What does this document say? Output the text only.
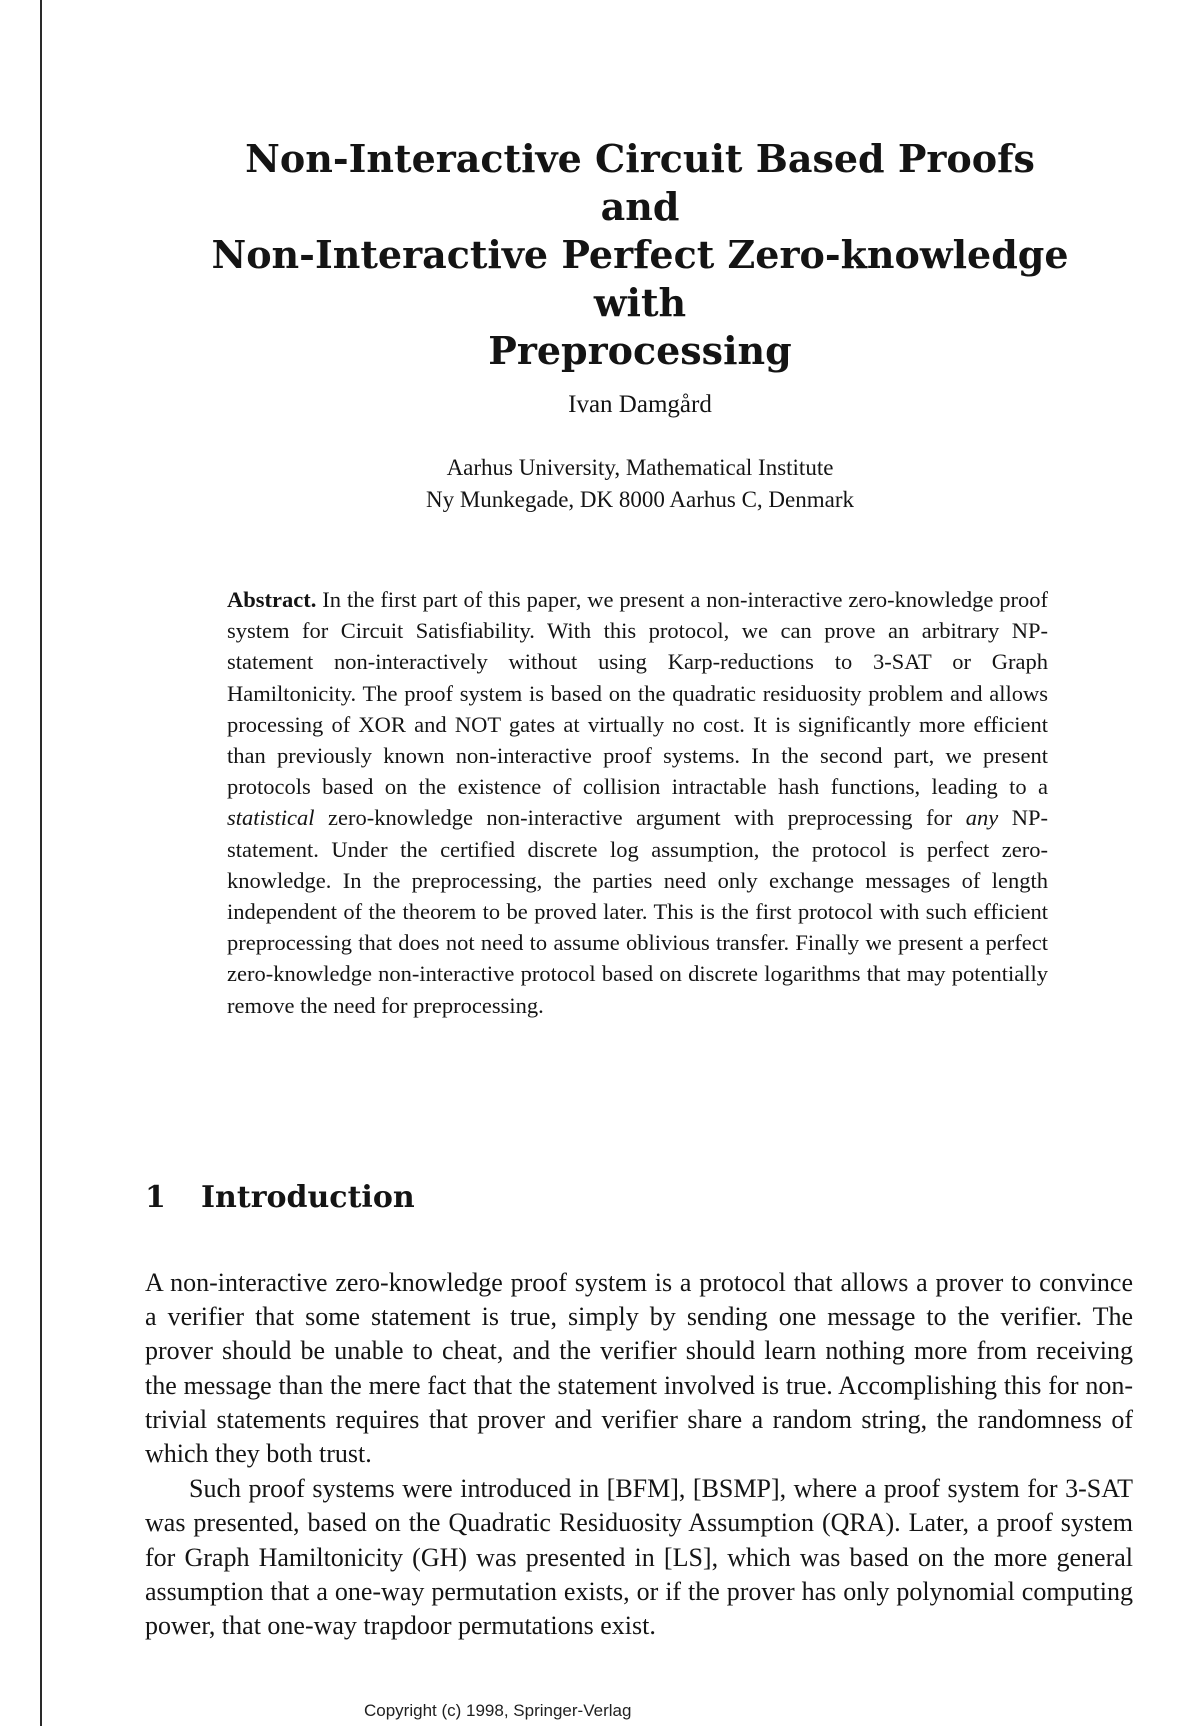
Non-Interactive Circuit Based Proofs
and
Non-Interactive Perfect Zero-knowledge with
Preprocessing

Ivan Damgård

Aarhus University, Mathematical Institute
Ny Munkegade, DK 8000 Aarhus C, Denmark

Abstract. In the first part of this paper, we present a non-interactive zero-knowledge proof system for Circuit Satisfiability. With this protocol, we can prove an arbitrary NP-statement non-interactively without using Karp-reductions to 3-SAT or Graph Hamiltonicity. The proof system is based on the quadratic residuosity problem and allows processing of XOR and NOT gates at virtually no cost. It is significantly more efficient than previously known non-interactive proof systems. In the second part, we present protocols based on the existence of collision intractable hash functions, leading to a statistical zero-knowledge non-interactive argument with preprocessing for any NP-statement. Under the certified discrete log assumption, the protocol is perfect zero-knowledge. In the preprocessing, the parties need only exchange messages of length independent of the theorem to be proved later. This is the first protocol with such efficient preprocessing that does not need to assume oblivious transfer. Finally we present a perfect zero-knowledge non-interactive protocol based on discrete logarithms that may potentially remove the need for preprocessing.

1 Introduction

A non-interactive zero-knowledge proof system is a protocol that allows a prover to convince a verifier that some statement is true, simply by sending one message to the verifier. The prover should be unable to cheat, and the verifier should learn nothing more from receiving the message than the mere fact that the statement involved is true. Accomplishing this for non-trivial statements requires that prover and verifier share a random string, the randomness of which they both trust.

Such proof systems were introduced in [BFM], [BSMP], where a proof system for 3-SAT was presented, based on the Quadratic Residuosity Assumption (QRA). Later, a proof system for Graph Hamiltonicity (GH) was presented in [LS], which was based on the more general assumption that a one-way permutation exists, or if the prover has only polynomial computing power, that one-way trapdoor permutations exist.

Copyright (c) 1998, Springer-Verlag
